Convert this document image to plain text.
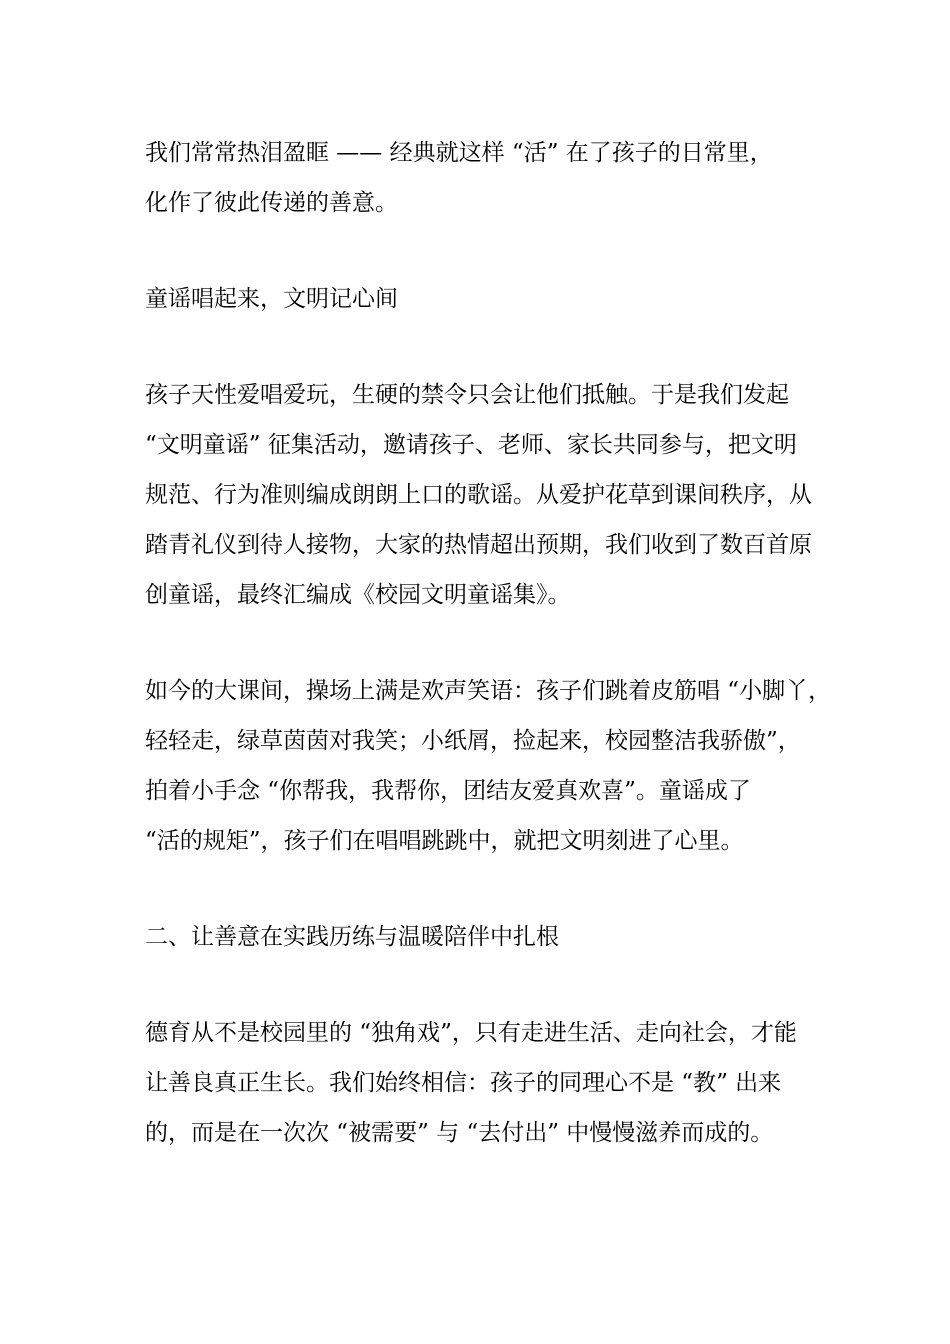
我们常常热泪盈眶 —— 经典就这样 “活” 在了孩子的日常里，
化作了彼此传递的善意。
童谣唱起来，文明记心间
孩子天性爱唱爱玩，生硬的禁令只会让他们抵触。于是我们发起
“文明童谣” 征集活动，邀请孩子、老师、家长共同参与，把文明
规范、行为准则编成朗朗上口的歌谣。从爱护花草到课间秩序，从
踏青礼仪到待人接物，大家的热情超出预期，我们收到了数百首原
创童谣，最终汇编成《校园文明童谣集》。
如今的大课间，操场上满是欢声笑语：孩子们跳着皮筋唱 “小脚丫，
轻轻走，绿草茵茵对我笑；小纸屑，捡起来，校园整洁我骄傲”，
拍着小手念 “你帮我，我帮你，团结友爱真欢喜”。童谣成了
“活的规矩”，孩子们在唱唱跳跳中，就把文明刻进了心里。
二、让善意在实践历练与温暖陪伴中扎根
德育从不是校园里的 “独角戏”，只有走进生活、走向社会，才能
让善良真正生长。我们始终相信：孩子的同理心不是 “教” 出来
的，而是在一次次 “被需要” 与 “去付出” 中慢慢滋养而成的。
